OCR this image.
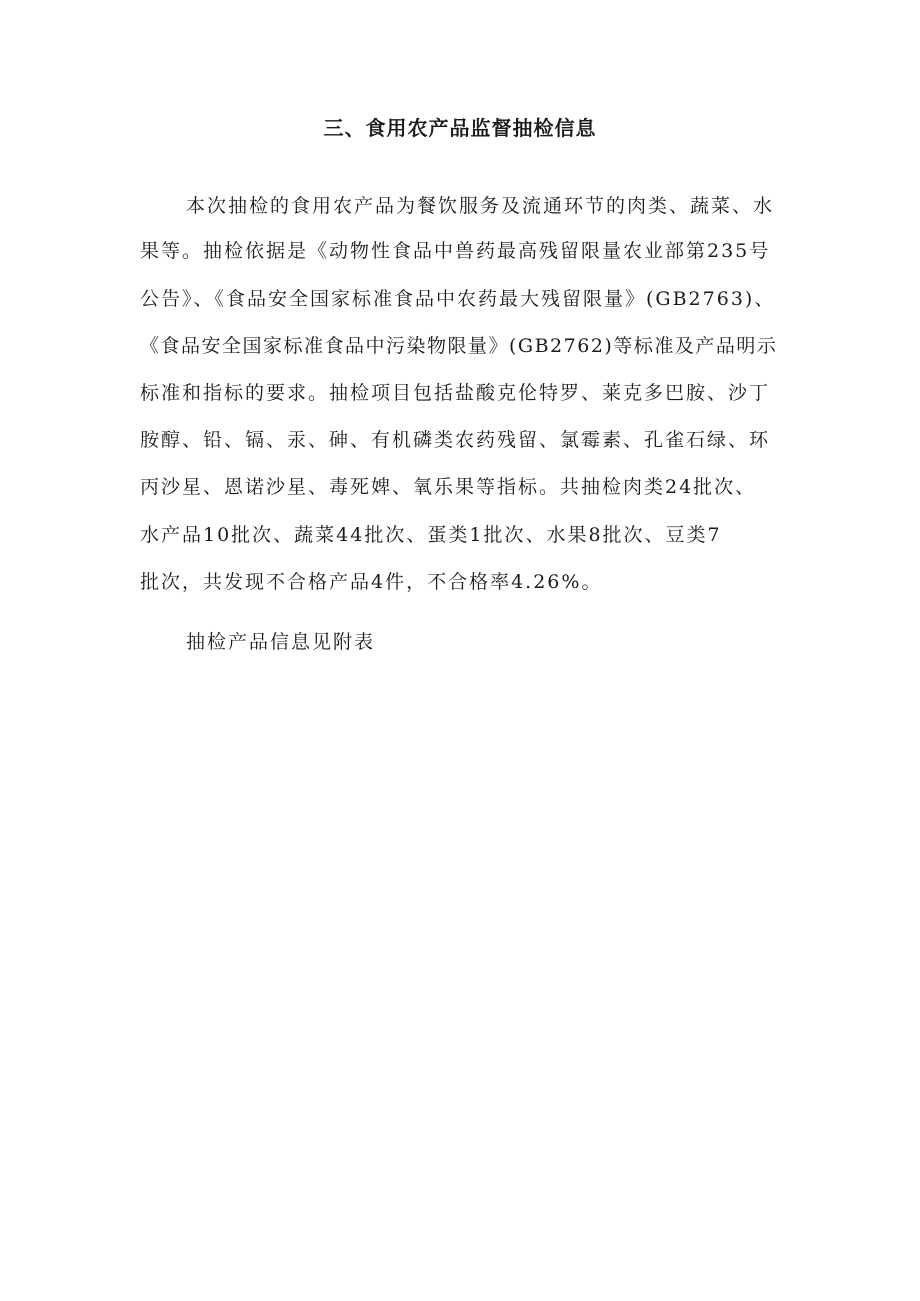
三、食用农产品监督抽检信息
本次抽检的食用农产品为餐饮服务及流通环节的肉类、蔬菜、水
果等。抽检依据是《动物性食品中兽药最高残留限量农业部第235号
公告》、《食品安全国家标准食品中农药最大残留限量》(GB2763)、
《食品安全国家标准食品中污染物限量》(GB2762)等标准及产品明示
标准和指标的要求。抽检项目包括盐酸克伦特罗、莱克多巴胺、沙丁
胺醇、铅、镉、汞、砷、有机磷类农药残留、氯霉素、孔雀石绿、环
丙沙星、恩诺沙星、毒死婢、氧乐果等指标。共抽检肉类24批次、
水产品10批次、蔬菜44批次、蛋类1批次、水果8批次、豆类7
批次，共发现不合格产品4件，不合格率4.26%。

抽检产品信息见附表
